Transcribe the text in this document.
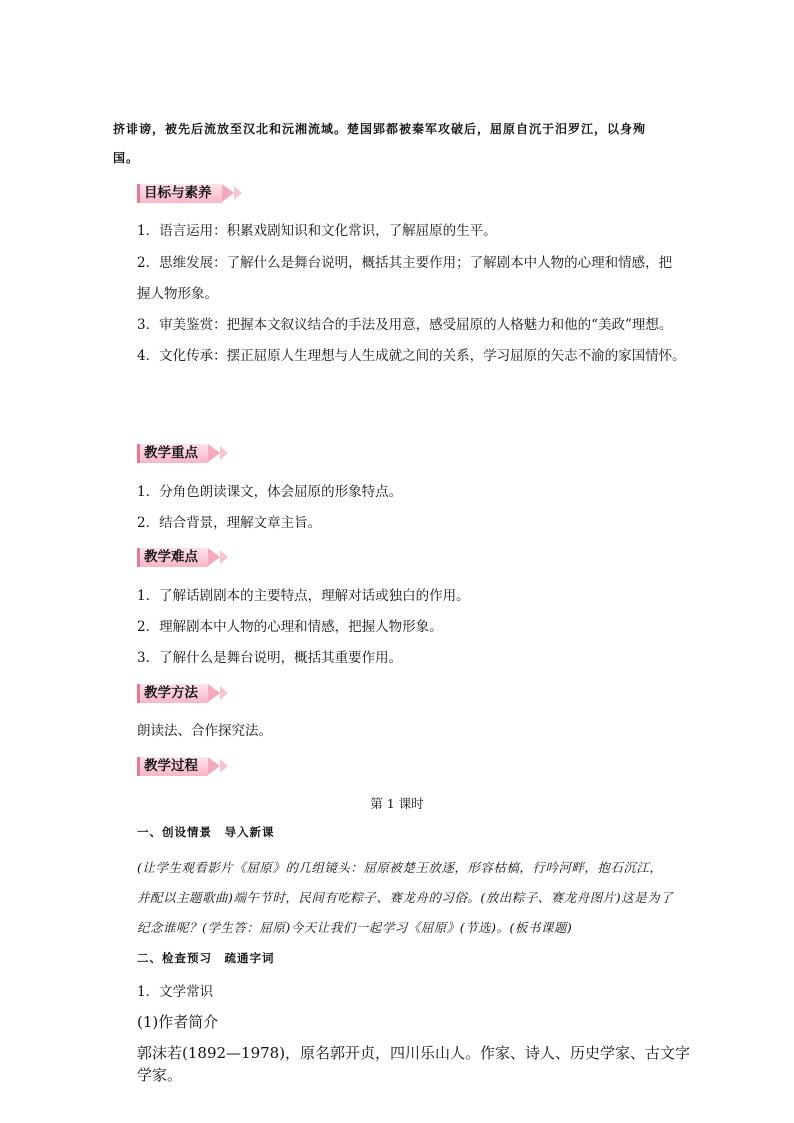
挤诽谤，被先后流放至汉北和沅湘流域。楚国郢都被秦军攻破后，屈原自沉于汨罗江，以身殉
国。
目标与素养
1．语言运用：积累戏剧知识和文化常识，了解屈原的生平。
2．思维发展：了解什么是舞台说明，概括其主要作用；了解剧本中人物的心理和情感，把
握人物形象。
3．审美鉴赏：把握本文叙议结合的手法及用意，感受屈原的人格魅力和他的“美政”理想。
4．文化传承：摆正屈原人生理想与人生成就之间的关系，学习屈原的矢志不渝的家国情怀。
教学重点
1．分角色朗读课文，体会屈原的形象特点。
2．结合背景，理解文章主旨。
教学难点
1．了解话剧剧本的主要特点，理解对话或独白的作用。
2．理解剧本中人物的心理和情感，把握人物形象。
3．了解什么是舞台说明，概括其重要作用。
教学方法
朗读法、合作探究法。
教学过程
第 1 课时
一、创设情景　导入新课
(让学生观看影片《屈原》的几组镜头：屈原被楚王放逐，形容枯槁，行吟河畔，抱石沉江，
并配以主题歌曲)端午节时，民间有吃粽子、赛龙舟的习俗。(放出粽子、赛龙舟图片)这是为了
纪念谁呢？(学生答：屈原)今天让我们一起学习《屈原》(节选)。(板书课题)
二、检查预习　疏通字词
1．文学常识
(1)作者简介
郭沫若(1892—1978)，原名郭开贞，四川乐山人。作家、诗人、历史学家、古文字学家。
